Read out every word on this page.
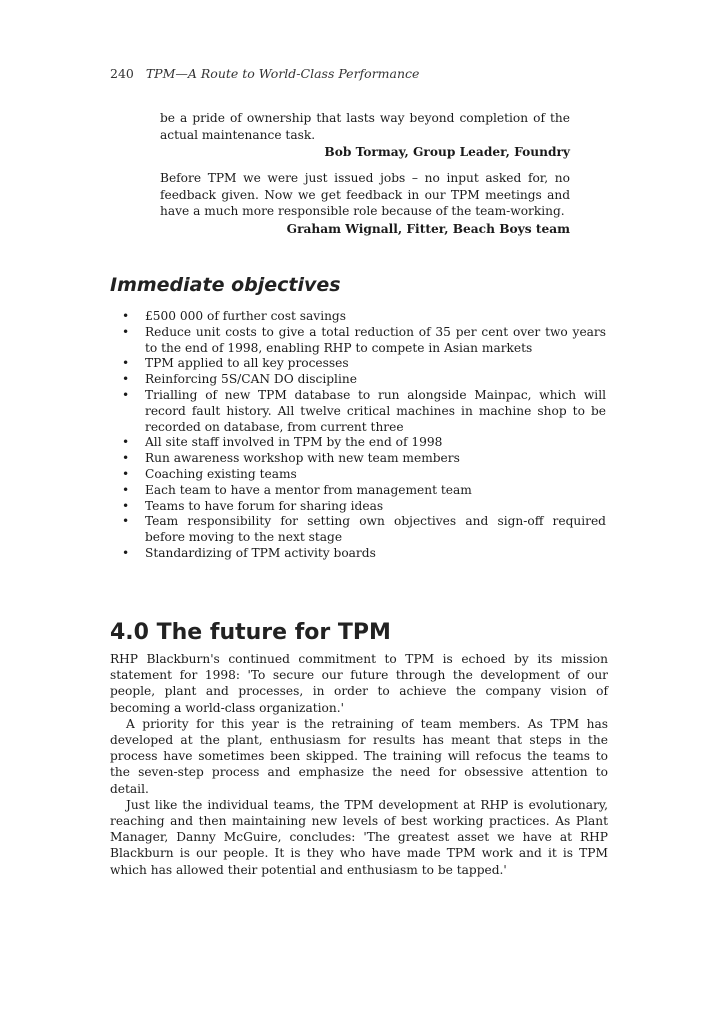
240 TPM—A Route to World-Class Performance

be a pride of ownership that lasts way beyond completion of the actual maintenance task.

Bob Tormay, Group Leader, Foundry

Before TPM we were just issued jobs – no input asked for, no feedback given. Now we get feedback in our TPM meetings and have a much more responsible role because of the team-working.

Graham Wignall, Fitter, Beach Boys team

Immediate objectives
• £500 000 of further cost savings
• Reduce unit costs to give a total reduction of 35 per cent over two years to the end of 1998, enabling RHP to compete in Asian markets
• TPM applied to all key processes
• Reinforcing 5S/CAN DO discipline
• Trialling of new TPM database to run alongside Mainpac, which will record fault history. All twelve critical machines in machine shop to be recorded on database, from current three
• All site staff involved in TPM by the end of 1998
• Run awareness workshop with new team members
• Coaching existing teams
• Each team to have a mentor from management team
• Teams to have forum for sharing ideas
• Team responsibility for setting own objectives and sign-off required before moving to the next stage
• Standardizing of TPM activity boards
4.0 The future for TPM

RHP Blackburn's continued commitment to TPM is echoed by its mission statement for 1998: 'To secure our future through the development of our people, plant and processes, in order to achieve the company vision of becoming a world-class organization.'

A priority for this year is the retraining of team members. As TPM has developed at the plant, enthusiasm for results has meant that steps in the process have sometimes been skipped. The training will refocus the teams to the seven-step process and emphasize the need for obsessive attention to detail.

Just like the individual teams, the TPM development at RHP is evolutionary, reaching and then maintaining new levels of best working practices. As Plant Manager, Danny McGuire, concludes: 'The greatest asset we have at RHP Blackburn is our people. It is they who have made TPM work and it is TPM which has allowed their potential and enthusiasm to be tapped.'
